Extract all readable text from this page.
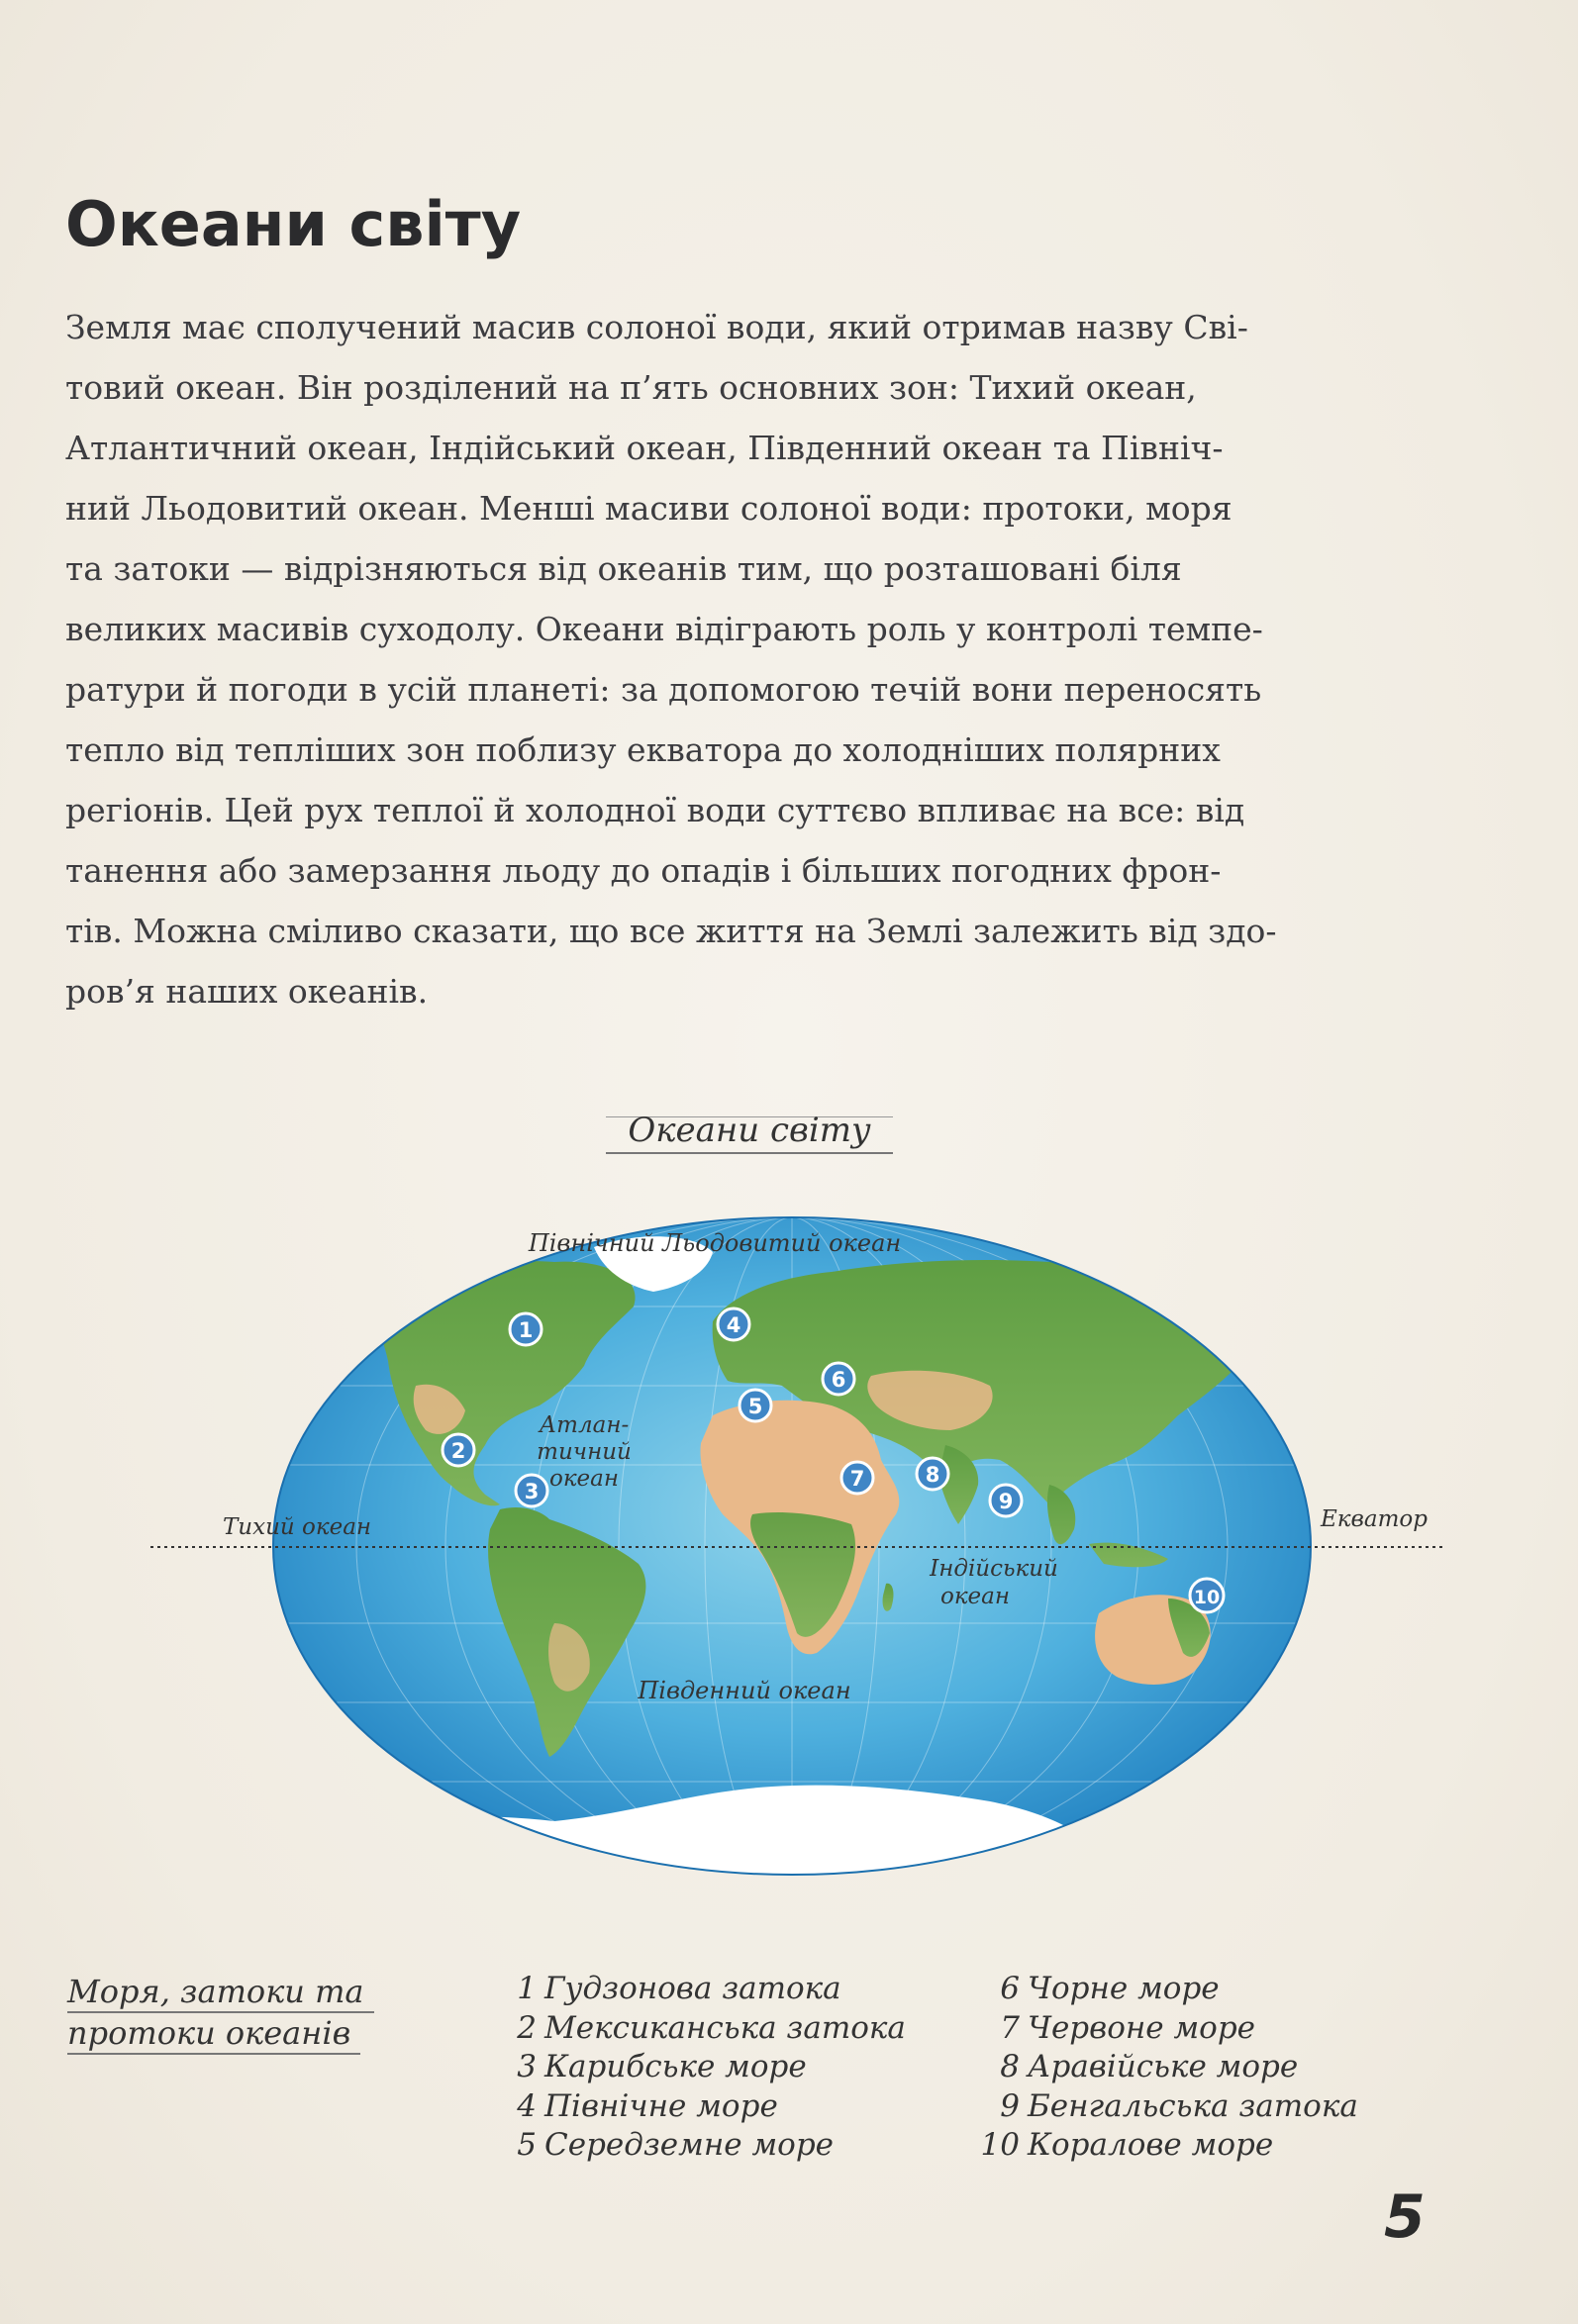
Океани світу

Земля має сполучений масив солоної води, який отримав назву Сві-
товий океан. Він розділений на п’ять основних зон: Тихий океан,
Атлантичний океан, Індійський океан, Південний океан та Північ-
ний Льодовитий океан. Менші масиви солоної води: протоки, моря
та затоки — відрізняються від океанів тим, що розташовані біля
великих масивів суходолу. Океани відіграють роль у контролі темпе-
ратури й погоди в усій планеті: за допомогою течій вони переносять
тепло від тепліших зон поблизу екватора до холодніших полярних
регіонів. Цей рух теплої й холодної води суттєво впливає на все: від
танення або замерзання льоду до опадів і більших погодних фрон-
тів. Можна сміливо сказати, що все життя на Землі залежить від здо-
ров’я наших океанів.

Океани світу
Північний Льодовитий океан
Атлан-
тичний
океан
Тихий океан
Індійський
океан
Південний океан
Екватор
1
2
3
4
5
6
7	8
9
10
Моря, затоки та
протоки океанів
1 Гудзонова затока
2 Мексиканська затока
3 Карибське море
4 Північне море
5 Середземне море
6 Чорне море
7 Червоне море
8 Аравійське море
9 Бенгальська затока
10 Коралове море
5
